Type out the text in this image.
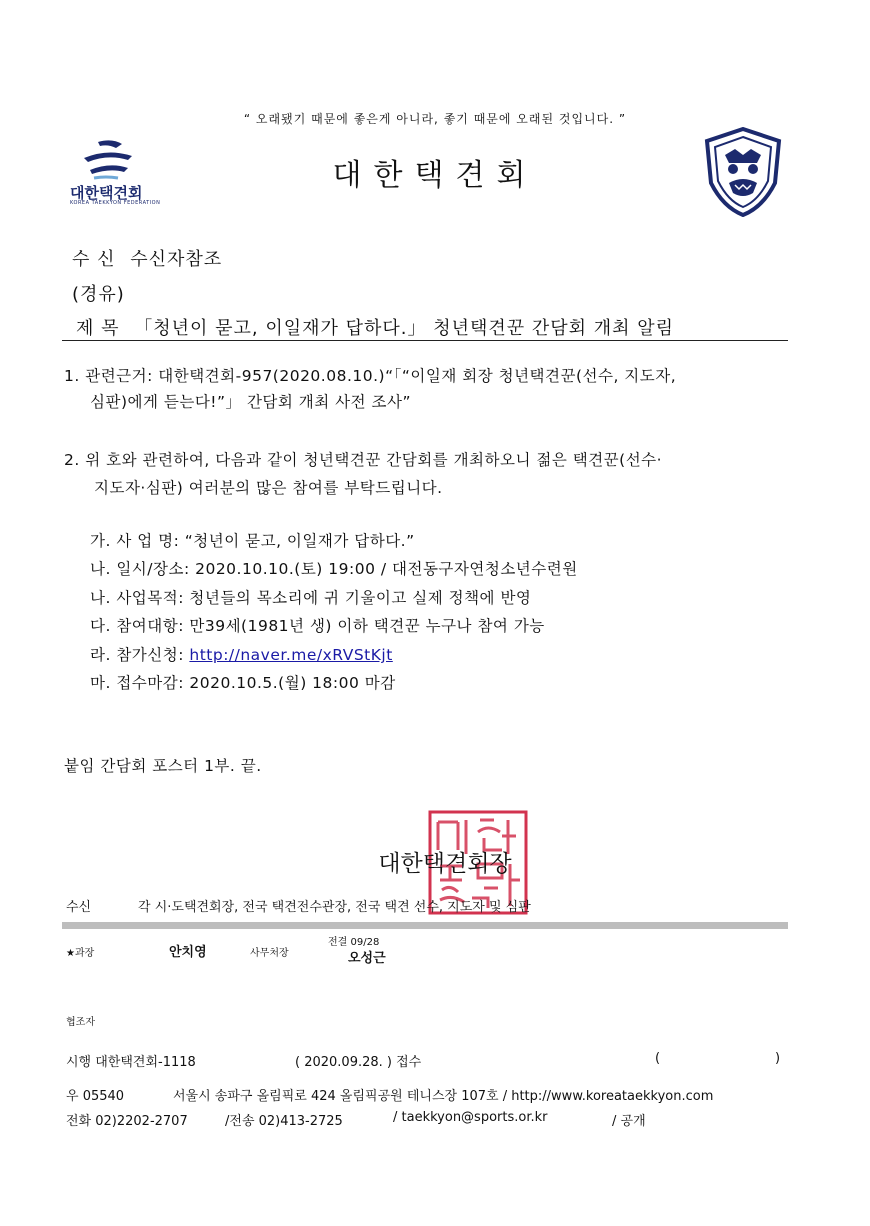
“ 오래됐기 때문에 좋은게 아니라, 좋기 때문에 오래된 것입니다. ”
대한택견회
KOREA TAEKKYON FEDERATION
대한택견회
수 신 수신자참조
(경유)
제 목 「청년이 묻고, 이일재가 답하다.」 청년택견꾼 간담회 개최 알림
1. 관련근거: 대한택견회-957(2020.08.10.)“「“이일재 회장 청년택견꾼(선수, 지도자,
심판)에게 듣는다!”」 간담회 개최 사전 조사”
2. 위 호와 관련하여, 다음과 같이 청년택견꾼 간담회를 개최하오니 젊은 택견꾼(선수·
지도자·심판) 여러분의 많은 참여를 부탁드립니다.
가. 사 업 명: “청년이 묻고, 이일재가 답하다.”
나. 일시/장소: 2020.10.10.(토) 19:00 / 대전동구자연청소년수련원
나. 사업목적: 청년들의 목소리에 귀 기울이고 실제 정책에 반영
다. 참여대항: 만39세(1981년 생) 이하 택견꾼 누구나 참여 가능
라. 참가신청: http://naver.me/xRVStKjt
마. 접수마감: 2020.10.5.(월) 18:00 마감
붙임 간담회 포스터 1부. 끝.
대한택견회장
수신	각 시·도택견회장, 전국 택견전수관장, 전국 택견 선수, 지도자 및 심판
★과장	안치영	사무처장
전결 09/28
오성근
협조자
시행 대한택견회-1118	( 2020.09.28. ) 접수	(	)
우 05540	서울시 송파구 올림픽로 424 올림픽공원 테니스장 107호 / http://www.koreataekkyon.com
전화 02)2202-2707	/전송 02)413-2725	/ taekkyon@sports.or.kr	/ 공개
